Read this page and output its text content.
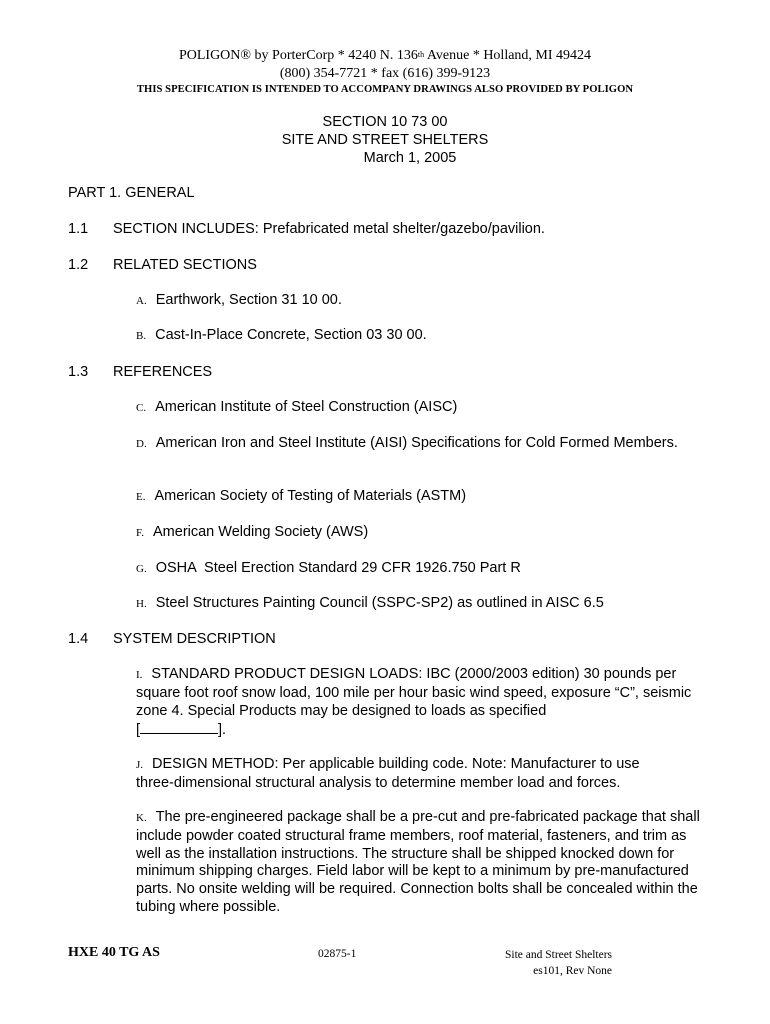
POLIGON® by PorterCorp * 4240 N. 136th Avenue * Holland, MI 49424
(800) 354-7721 * fax (616) 399-9123
THIS SPECIFICATION IS INTENDED TO ACCOMPANY DRAWINGS ALSO PROVIDED BY POLIGON
SECTION 10 73 00
SITE AND STREET SHELTERS
March 1, 2005
PART 1. GENERAL
1.1 SECTION INCLUDES: Prefabricated metal shelter/gazebo/pavilion.
1.2 RELATED SECTIONS
A. Earthwork, Section 31 10 00.
B. Cast-In-Place Concrete, Section 03 30 00.
1.3 REFERENCES
C. American Institute of Steel Construction (AISC)
D. American Iron and Steel Institute (AISI) Specifications for Cold Formed Members.
E. American Society of Testing of Materials (ASTM)
F. American Welding Society (AWS)
G. OSHA  Steel Erection Standard 29 CFR 1926.750 Part R
H. Steel Structures Painting Council (SSPC-SP2) as outlined in AISC 6.5
1.4 SYSTEM DESCRIPTION
I. STANDARD PRODUCT DESIGN LOADS: IBC (2000/2003 edition) 30 pounds per square foot roof snow load, 100 mile per hour basic wind speed, exposure “C”, seismic zone 4. Special Products may be designed to loads as specified
[	].
J. DESIGN METHOD: Per applicable building code. Note: Manufacturer to use three-dimensional structural analysis to determine member load and forces.
K. The pre-engineered package shall be a pre-cut and pre-fabricated package that shall include powder coated structural frame members, roof material, fasteners, and trim as well as the installation instructions. The structure shall be shipped knocked down for minimum shipping charges. Field labor will be kept to a minimum by pre-manufactured parts. No onsite welding will be required. Connection bolts shall be concealed within the tubing where possible.
HXE 40 TG AS	02875-1	Site and Street Shelters
es101, Rev None
